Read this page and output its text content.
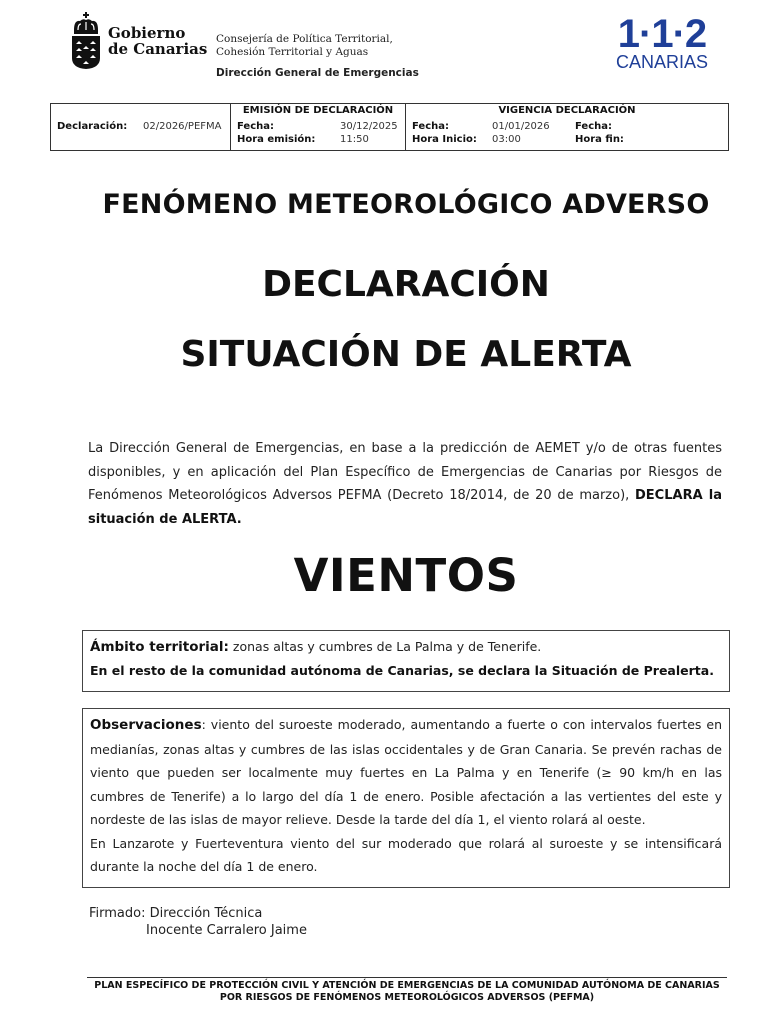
Gobierno
de Canarias
Consejería de Política Territorial,
Cohesión Territorial y Aguas
Dirección General de Emergencias
1·1·2
CANARIAS
Declaración:	02/2026/PEFMA
EMISIÓN DE DECLARACIÓN
Fecha:	30/12/2025
Hora emisión:	11:50
VIGENCIA DECLARACIÓN
Fecha:	01/01/2026	Fecha:
Hora Inicio:	03:00	Hora fin:
FENÓMENO METEOROLÓGICO ADVERSO
DECLARACIÓN
SITUACIÓN DE ALERTA

La Dirección General de Emergencias, en base a la predicción de AEMET y/o de otras fuentes disponibles, y en aplicación del Plan Específico de Emergencias de Canarias por Riesgos de Fenómenos Meteorológicos Adversos PEFMA (Decreto 18/2014, de 20 de marzo), DECLARA la situación de ALERTA.

VIENTOS
Ámbito territorial: zonas altas y cumbres de La Palma y de Tenerife.
En el resto de la comunidad autónoma de Canarias, se declara la Situación de Prealerta.
Observaciones: viento del suroeste moderado, aumentando a fuerte o con intervalos fuertes en medianías, zonas altas y cumbres de las islas occidentales y de Gran Canaria. Se prevén rachas de viento que pueden ser localmente muy fuertes en La Palma y en Tenerife (≥ 90 km/h en las cumbres de Tenerife) a lo largo del día 1 de enero. Posible afectación a las vertientes del este y nordeste de las islas de mayor relieve. Desde la tarde del día 1, el viento rolará al oeste.
En Lanzarote y Fuerteventura viento del sur moderado que rolará al suroeste y se intensificará durante la noche del día 1 de enero.
Firmado: Dirección Técnica
Inocente Carralero Jaime
PLAN ESPECÍFICO DE PROTECCIÓN CIVIL Y ATENCIÓN DE EMERGENCIAS DE LA COMUNIDAD AUTÓNOMA DE CANARIAS
POR RIESGOS DE FENÓMENOS METEOROLÓGICOS ADVERSOS (PEFMA)
